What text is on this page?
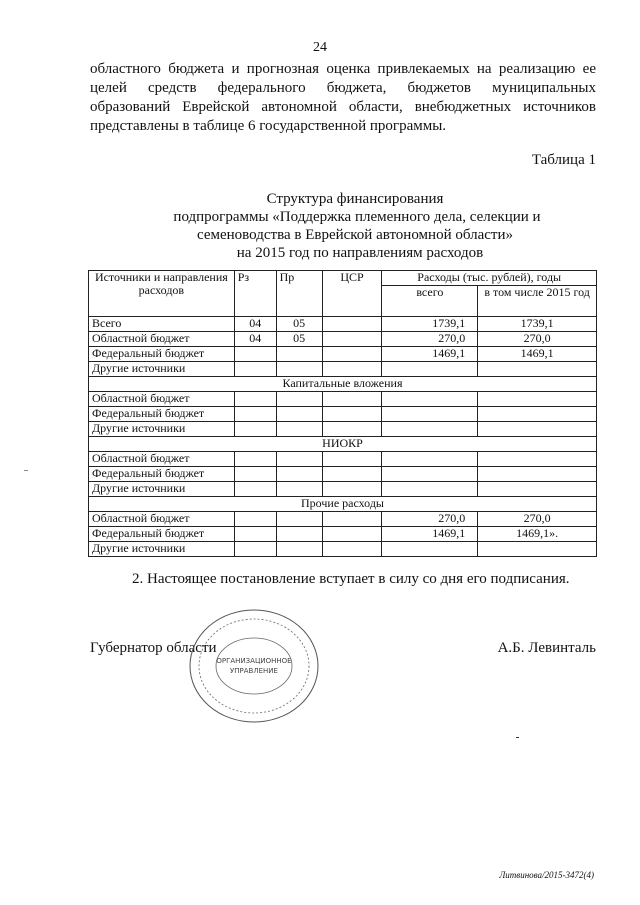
24
областного бюджета и прогнозная оценка привлекаемых на реализацию ее
целей средств федерального бюджета, бюджетов муниципальных
образований Еврейской автономной области, внебюджетных источников
представлены в таблице 6 государственной программы.
Таблица 1
Структура финансирования
подпрограммы «Поддержка племенного дела, селекции и
семеноводства в Еврейской автономной области»
на 2015 год по направлениям расходов
Источники и направления расходов	Рз	Пр	ЦСР	Расходы (тыс. рублей), годы	
				всего	в том числе 2015 год
Всего	04	05		1739,1	1739,1
Областной бюджет	04	05		270,0	270,0
Федеральный бюджет				1469,1	1469,1
Другие источники					
Капитальные вложения					
Областной бюджет					
Федеральный бюджет					
Другие источники					
НИОКР					
Областной бюджет					
Федеральный бюджет					
Другие источники					
Прочие расходы					
Областной бюджет				270,0	270,0
Федеральный бюджет				1469,1	1469,1».
Другие источники					
2. Настоящее постановление вступает в силу со дня его подписания.
Губернатор области	А.Б. Левинталь
ОРГАНИЗАЦИОННОЕ
УПРАВЛЕНИЕ
Литвинова/2015-3472(4)
